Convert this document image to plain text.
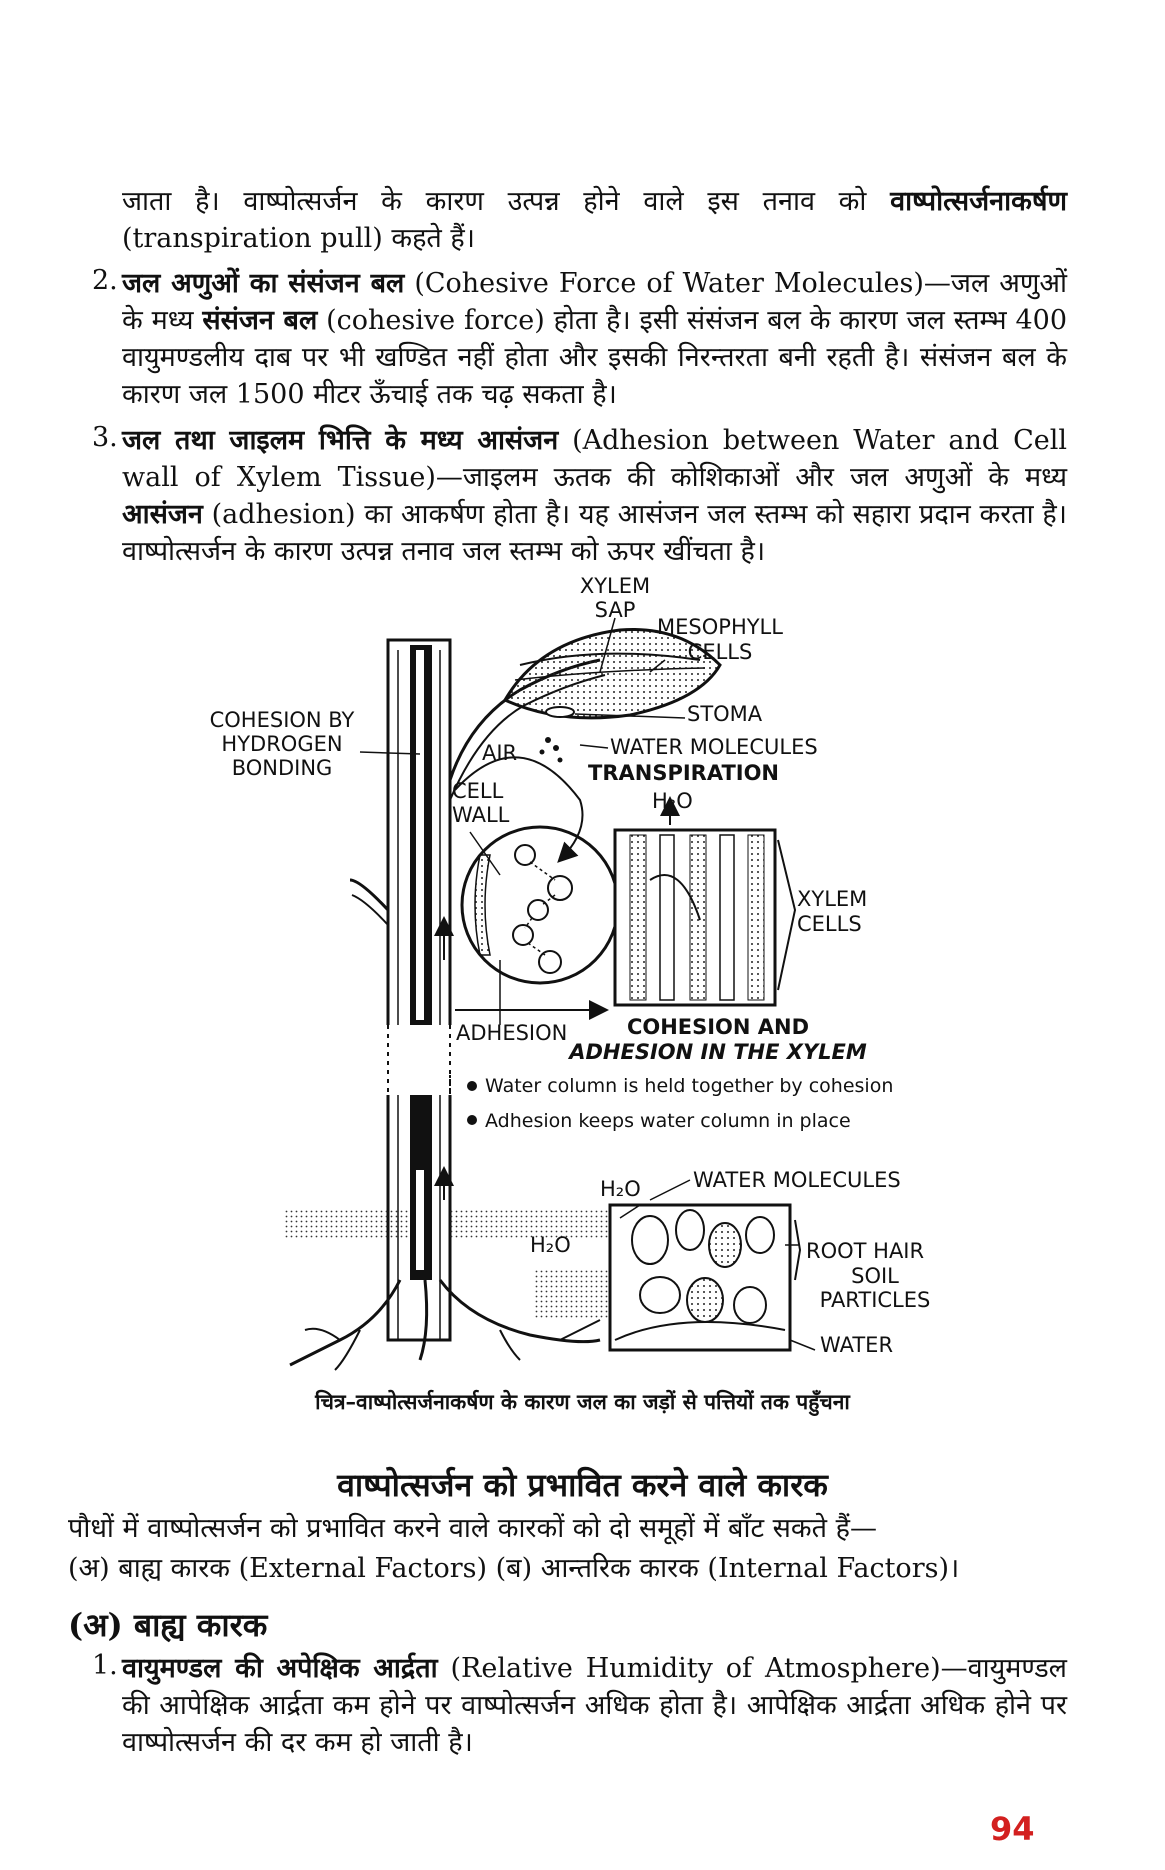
जाता है। वाष्पोत्सर्जन के कारण उत्पन्न होने वाले इस तनाव को वाष्पोत्सर्जनाकर्षण (transpiration pull) कहते हैं।
2. जल अणुओं का संसंजन बल (Cohesive Force of Water Molecules)—जल अणुओं के मध्य संसंजन बल (cohesive force) होता है। इसी संसंजन बल के कारण जल स्तम्भ 400 वायुमण्डलीय दाब पर भी खण्डित नहीं होता और इसकी निरन्तरता बनी रहती है। संसंजन बल के कारण जल 1500 मीटर ऊँचाई तक चढ़ सकता है।
3. जल तथा जाइलम भित्ति के मध्य आसंजन (Adhesion between Water and Cell wall of Xylem Tissue)—जाइलम ऊतक की कोशिकाओं और जल अणुओं के मध्य आसंजन (adhesion) का आकर्षण होता है। यह आसंजन जल स्तम्भ को सहारा प्रदान करता है। वाष्पोत्सर्जन के कारण उत्पन्न तनाव जल स्तम्भ को ऊपर खींचता है।
XYLEM
SAP
MESOPHYLL
CELLS
STOMA
COHESION BY
HYDROGEN
BONDING
AIR	WATER MOLECULES
TRANSPIRATION
H₂O
CELL
WALL
XYLEM
CELLS
ADHESION	COHESION AND
ADHESION IN THE XYLEM
Water column is held together by cohesion
Adhesion keeps water column in place
H₂O WATER MOLECULES
ROOT HAIR
SOIL
PARTICLES
WATER
H₂O
चित्र–वाष्पोत्सर्जनाकर्षण के कारण जल का जड़ों से पत्तियों तक पहुँचना
वाष्पोत्सर्जन को प्रभावित करने वाले कारक
पौधों में वाष्पोत्सर्जन को प्रभावित करने वाले कारकों को दो समूहों में बाँट सकते हैं—
(अ) बाह्य कारक (External Factors) (ब) आन्तरिक कारक (Internal Factors)।
(अ) बाह्य कारक
1. वायुमण्डल की अपेक्षिक आर्द्रता (Relative Humidity of Atmosphere)—वायुमण्डल की आपेक्षिक आर्द्रता कम होने पर वाष्पोत्सर्जन अधिक होता है। आपेक्षिक आर्द्रता अधिक होने पर वाष्पोत्सर्जन की दर कम हो जाती है।
94
